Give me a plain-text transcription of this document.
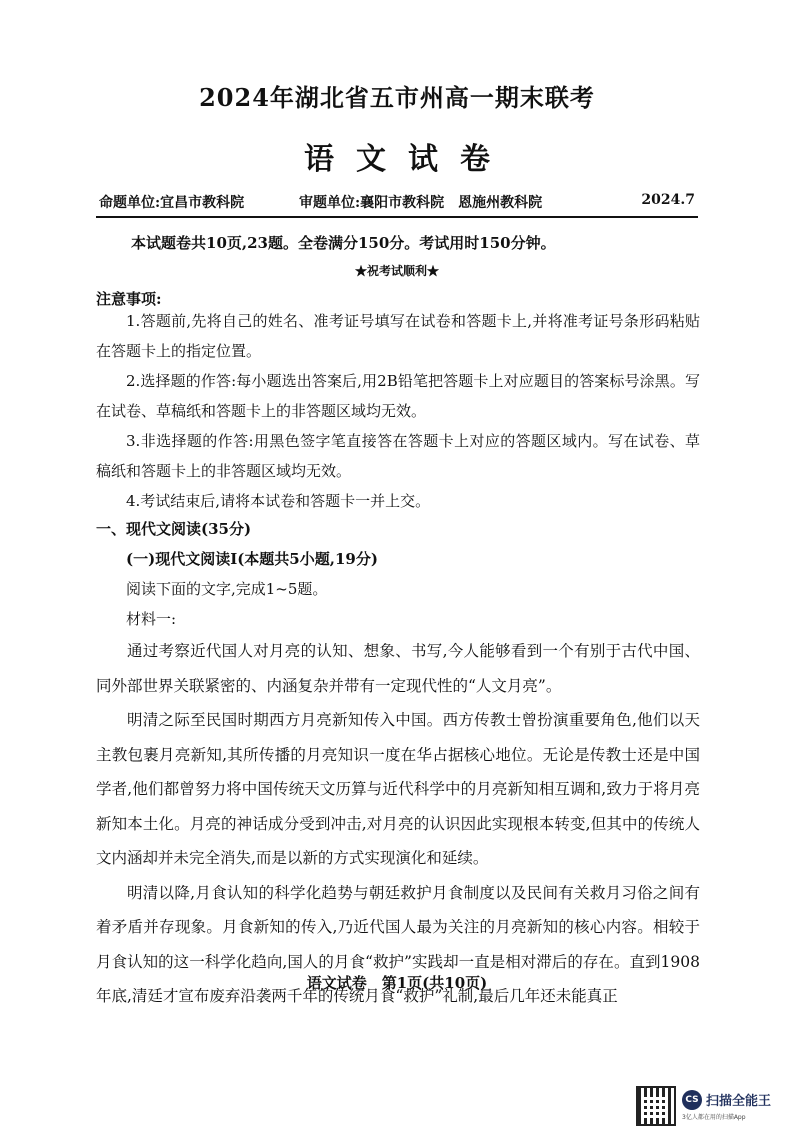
2024年湖北省五市州高一期末联考
语文试卷
命题单位:宜昌市教科院	审题单位:襄阳市教科院　恩施州教科院	2024.7
本试题卷共10页,23题。全卷满分150分。考试用时150分钟。
★祝考试顺利★
注意事项:

1.答题前,先将自己的姓名、准考证号填写在试卷和答题卡上,并将准考证号条形码粘贴在答题卡上的指定位置。

2.选择题的作答:每小题选出答案后,用2B铅笔把答题卡上对应题目的答案标号涂黑。写在试卷、草稿纸和答题卡上的非答题区域均无效。

3.非选择题的作答:用黑色签字笔直接答在答题卡上对应的答题区域内。写在试卷、草稿纸和答题卡上的非答题区域均无效。

4.考试结束后,请将本试卷和答题卡一并上交。

一、现代文阅读(35分)
(一)现代文阅读I(本题共5小题,19分)
阅读下面的文字,完成1~5题。
材料一:

通过考察近代国人对月亮的认知、想象、书写,今人能够看到一个有别于古代中国、同外部世界关联紧密的、内涵复杂并带有一定现代性的“人文月亮”。

明清之际至民国时期西方月亮新知传入中国。西方传教士曾扮演重要角色,他们以天主教包裹月亮新知,其所传播的月亮知识一度在华占据核心地位。无论是传教士还是中国学者,他们都曾努力将中国传统天文历算与近代科学中的月亮新知相互调和,致力于将月亮新知本土化。月亮的神话成分受到冲击,对月亮的认识因此实现根本转变,但其中的传统人文内涵却并未完全消失,而是以新的方式实现演化和延续。

明清以降,月食认知的科学化趋势与朝廷救护月食制度以及民间有关救月习俗之间有着矛盾并存现象。月食新知的传入,乃近代国人最为关注的月亮新知的核心内容。相较于月食认知的这一科学化趋向,国人的月食“救护”实践却一直是相对滞后的存在。直到1908年底,清廷才宣布废弃沿袭两千年的传统月食“救护”礼制,最后几年还未能真正

语文试卷　第1页(共10页)
CS 扫描全能王
3亿人都在用的扫描App
